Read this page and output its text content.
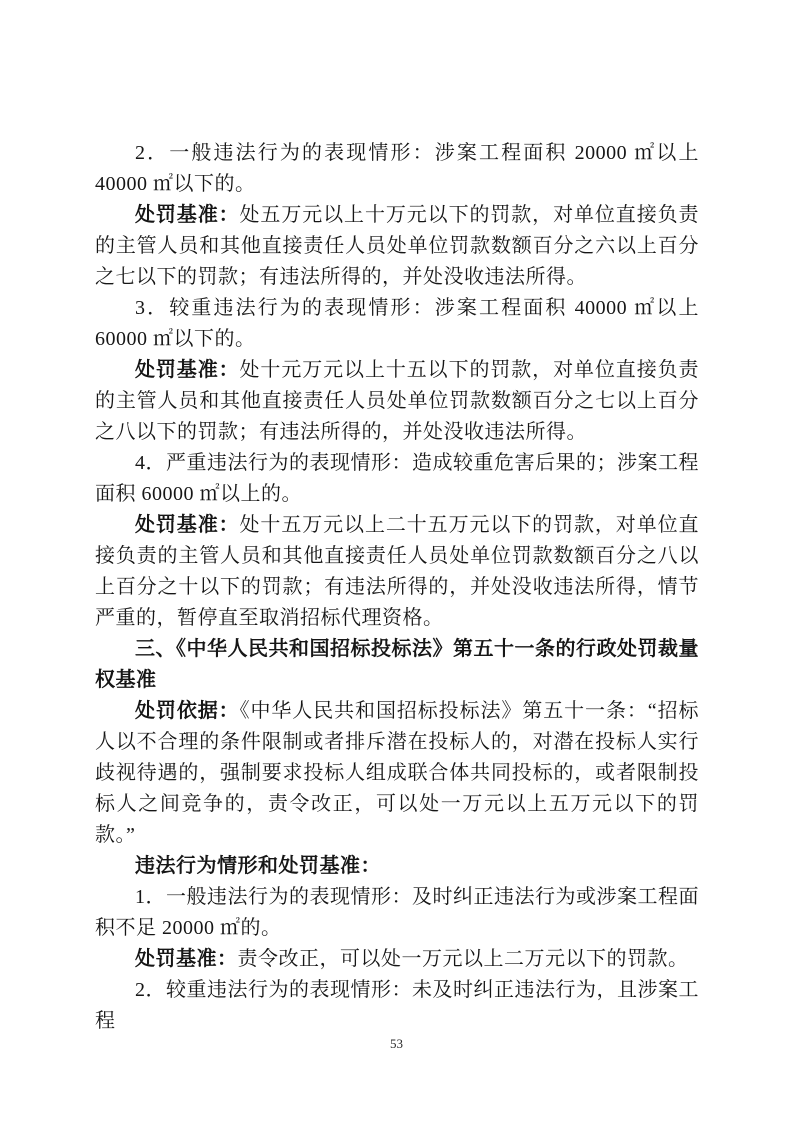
2．一般违法行为的表现情形：涉案工程面积 20000 ㎡以上 40000 ㎡以下的。

处罚基准：处五万元以上十万元以下的罚款，对单位直接负责的主管人员和其他直接责任人员处单位罚款数额百分之六以上百分之七以下的罚款；有违法所得的，并处没收违法所得。

3．较重违法行为的表现情形：涉案工程面积 40000 ㎡以上 60000 ㎡以下的。

处罚基准：处十元万元以上十五以下的罚款，对单位直接负责的主管人员和其他直接责任人员处单位罚款数额百分之七以上百分之八以下的罚款；有违法所得的，并处没收违法所得。

4．严重违法行为的表现情形：造成较重危害后果的；涉案工程面积 60000 ㎡以上的。

处罚基准：处十五万元以上二十五万元以下的罚款，对单位直接负责的主管人员和其他直接责任人员处单位罚款数额百分之八以上百分之十以下的罚款；有违法所得的，并处没收违法所得，情节严重的，暂停直至取消招标代理资格。

三、《中华人民共和国招标投标法》第五十一条的行政处罚裁量权基准

处罚依据：《中华人民共和国招标投标法》第五十一条：“招标人以不合理的条件限制或者排斥潜在投标人的，对潜在投标人实行歧视待遇的，强制要求投标人组成联合体共同投标的，或者限制投标人之间竞争的，责令改正，可以处一万元以上五万元以下的罚款。”

违法行为情形和处罚基准：

1．一般违法行为的表现情形：及时纠正违法行为或涉案工程面积不足 20000 ㎡的。

处罚基准：责令改正，可以处一万元以上二万元以下的罚款。

2．较重违法行为的表现情形：未及时纠正违法行为，且涉案工程

53
